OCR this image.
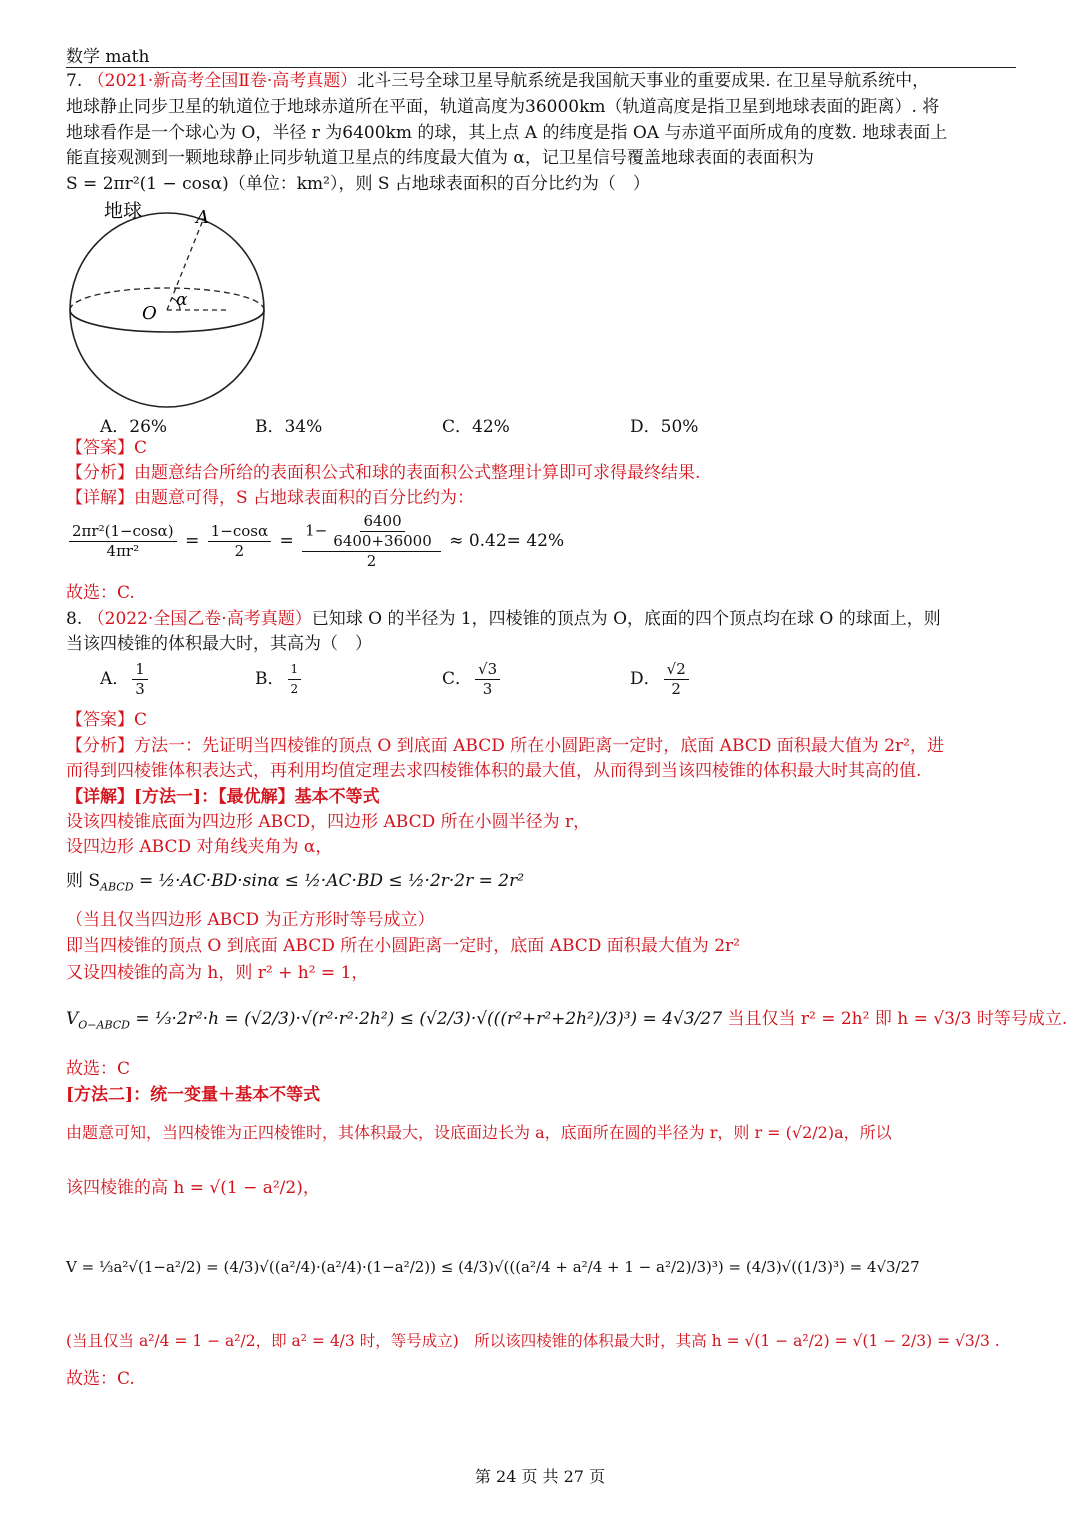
数学 math
7. （2021·新高考全国Ⅱ卷·高考真题）北斗三号全球卫星导航系统是我国航天事业的重要成果. 在卫星导航系统中，
地球静止同步卫星的轨道位于地球赤道所在平面，轨道高度为36000km（轨道高度是指卫星到地球表面的距离）. 将
地球看作是一个球心为 O，半径 r 为6400km 的球，其上点 A 的纬度是指 OA 与赤道平面所成角的度数. 地球表面上
能直接观测到一颗地球静止同步轨道卫星点的纬度最大值为 α，记卫星信号覆盖地球表面的表面积为
S = 2πr²(1 − cosα)（单位：km²），则 S 占地球表面积的百分比约为（　）
地球	A
O
α
A．26%	B．34%	C．42%	D．50%
【答案】C
【分析】由题意结合所给的表面积公式和球的表面积公式整理计算即可求得最终结果.
【详解】由题意可得，S 占地球表面积的百分比约为：
$\frac{\text{2πr²(1−cosα)}}{\text{4πr²}} = \frac{1-\cos\alpha}{2} = \frac{1- \frac{6400}{6400+36000}}{2} \approx 0.42= 42\%$
故选：C.
8. （2022·全国乙卷·高考真题）已知球 O 的半径为 1，四棱锥的顶点为 O，底面的四个顶点均在球 O 的球面上，则
当该四棱锥的体积最大时，其高为（　）
A． $\frac{1}{3}$	B． $\frac{1}{2}$	C． $\frac{√3}{3}$	D． $\frac{√2}{2}$
【答案】C
【分析】方法一：先证明当四棱锥的顶点 O 到底面 ABCD 所在小圆距离一定时，底面 ABCD 面积最大值为 2r²，进
而得到四棱锥体积表达式，再利用均值定理去求四棱锥体积的最大值，从而得到当该四棱锥的体积最大时其高的值.
【详解】[方法一]：【最优解】基本不等式
设该四棱锥底面为四边形 ABCD，四边形 ABCD 所在小圆半径为 r，
设四边形 ABCD 对角线夹角为 α，
则 $S_{ABCD}$ = ½·AC·BD·sinα ≤ ½·AC·BD ≤ ½·2r·2r = 2r²
（当且仅当四边形 ABCD 为正方形时等号成立）
即当四棱锥的顶点 O 到底面 ABCD 所在小圆距离一定时，底面 ABCD 面积最大值为 2r²
又设四棱锥的高为 h，则 r² + h² = 1，
$V_{O-ABCD}$ = ⅓·2r²·h = (√2/3)·√(r²·r²·2h²) ≤ (√2/3)·√(((r²+r²+2h²)/3)³) = 4√3/27 当且仅当 r² = 2h² 即 h = √3/3 时等号成立.
故选：C
[方法二]：统一变量＋基本不等式
由题意可知，当四棱锥为正四棱锥时，其体积最大，设底面边长为 a，底面所在圆的半径为 r，则 r = (√2/2)a，所以
该四棱锥的高 h = √(1 − a²/2)，
V = ⅓a²√(1−a²/2) = (4/3)√((a²/4)·(a²/4)·(1−a²/2)) ≤ (4/3)√(((a²/4 + a²/4 + 1 − a²/2)/3)³) = (4/3)√((1/3)³) = 4√3/27
(当且仅当 a²/4 = 1 − a²/2，即 a² = 4/3 时，等号成立)　所以该四棱锥的体积最大时，其高 h = √(1 − a²/2) = √(1 − 2/3) = √3/3 .
故选：C.
第 24 页 共 27 页
